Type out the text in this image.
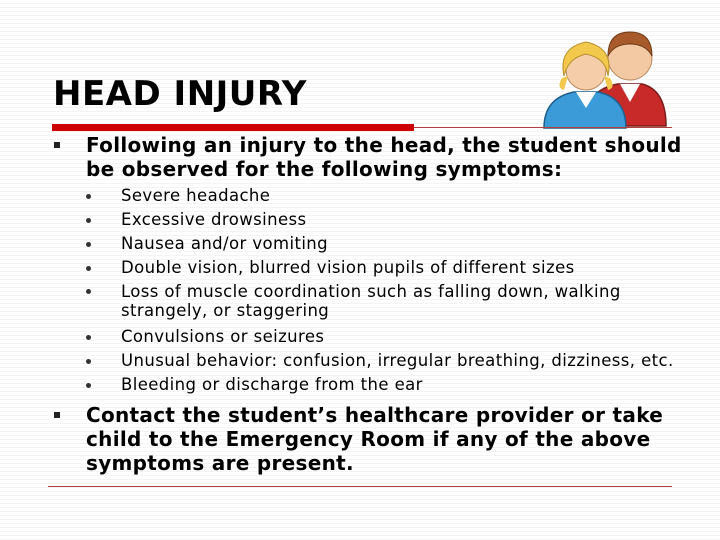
HEAD INJURY
Following an injury to the head, the student should be observed for the following symptoms:
Severe headache
Excessive drowsiness
Nausea and/or vomiting
Double vision, blurred vision pupils of different sizes
Loss of muscle coordination such as falling down, walking strangely, or staggering
Convulsions or seizures
Unusual behavior: confusion, irregular breathing, dizziness, etc.
Bleeding or discharge from the ear
Contact the student’s healthcare provider or take child to the Emergency Room if any of the above symptoms are present.
